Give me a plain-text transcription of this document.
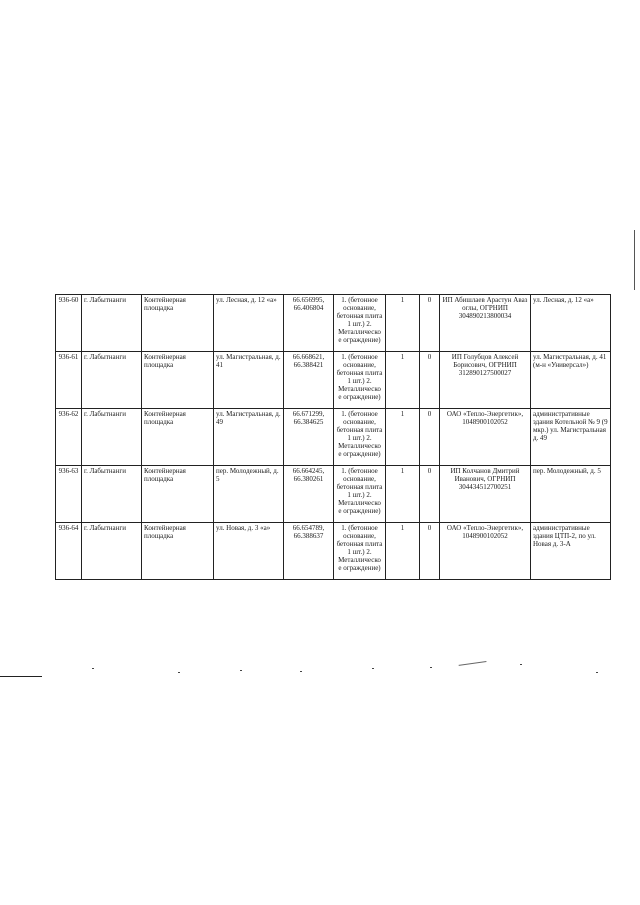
936-60	г. Лабытнанги	Контейнерная площадка	ул. Лесная, д. 12 «а»	66.656995, 66.406804	1. (бетонное основание, бетонная плита 1 шт.) 2. Металлическо е ограждение)	1	0	ИП Абишлаев Арастун Аваз оглы, ОГРНИП 304890213800034	ул. Лесная, д. 12 «а»
936-61	г. Лабытнанги	Контейнерная площадка	ул. Магистральная, д. 41	66.668621, 66.388421	1. (бетонное основание, бетонная плита 1 шт.) 2. Металлическо е ограждение)	1	0	ИП Голубцов Алексей Борисович, ОГРНИП 312890127500027	ул. Магистральная, д. 41 (м-н «Универсал»)
936-62	г. Лабытнанги	Контейнерная площадка	ул. Магистральная, д. 49	66.671299, 66.384625	1. (бетонное основание, бетонная плита 1 шт.) 2. Металлическо е ограждение)	1	0	ОАО «Тепло-Энергетик», 1048900102052	административные здания Котельной № 9 (9 мкр.) ул. Магистральная д. 49
936-63	г. Лабытнанги	Контейнерная площадка	пер. Молодежный, д. 5	66.664245, 66.380261	1. (бетонное основание, бетонная плита 1 шт.) 2. Металлическо е ограждение)	1	0	ИП Колчанов Дмитрий Иванович, ОГРНИП 304434512700251	пер. Молодежный, д. 5
936-64	г. Лабытнанги	Контейнерная площадка	ул. Новая, д. 3 «а»	66.654789, 66.388637	1. (бетонное основание, бетонная плита 1 шт.) 2. Металлическо е ограждение)	1	0	ОАО «Тепло-Энергетик», 1048900102052	административные здания ЦТП-2, по ул. Новая д. 3-А
